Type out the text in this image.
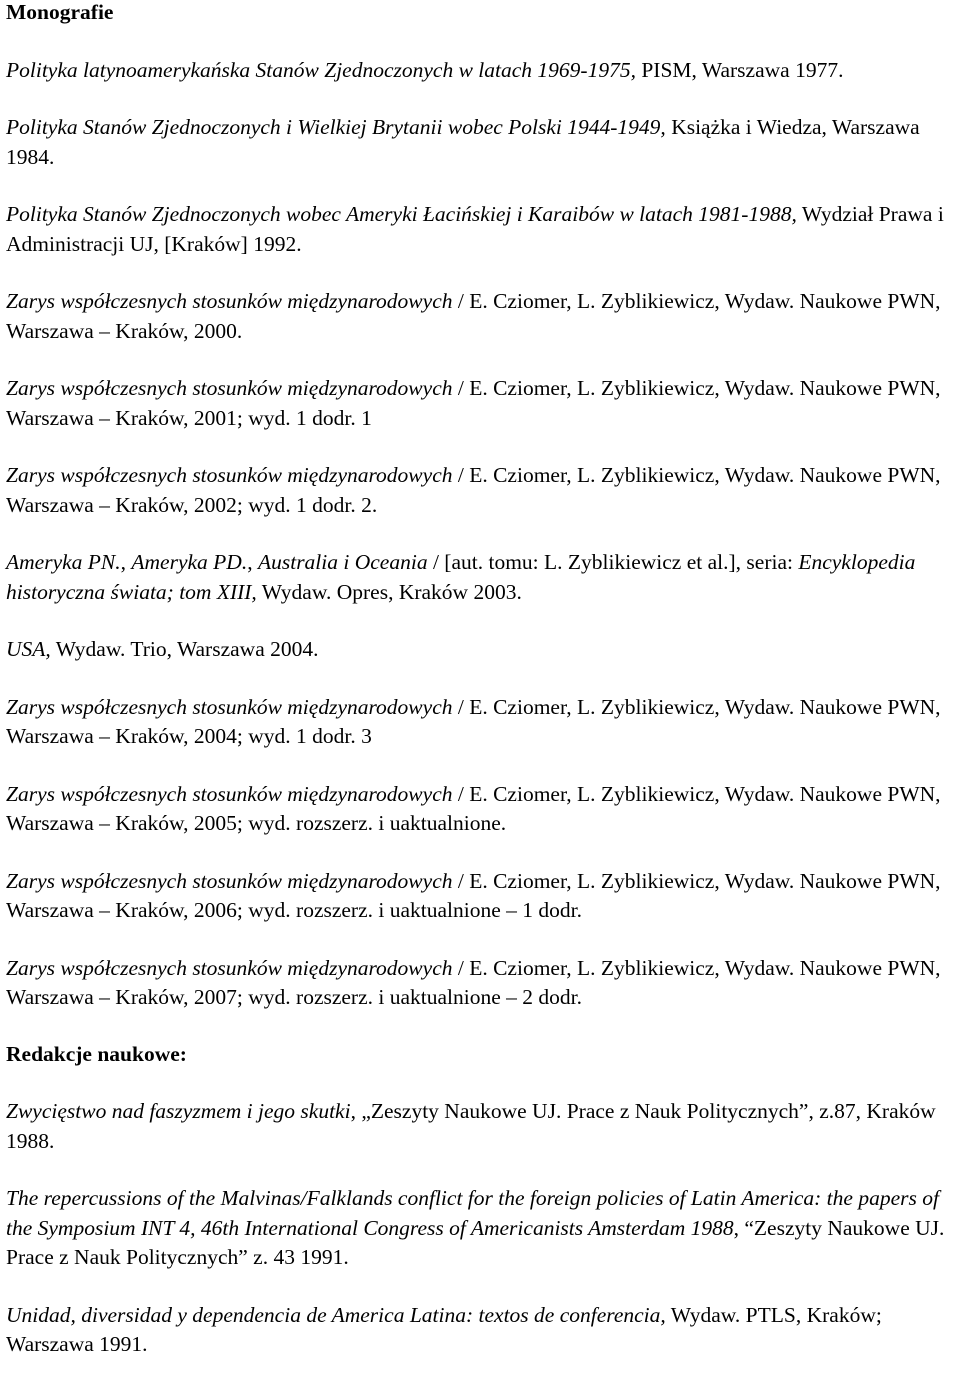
Monografie

Polityka latynoamerykańska Stanów Zjednoczonych w latach 1969-1975, PISM, Warszawa 1977.

Polityka Stanów Zjednoczonych i Wielkiej Brytanii wobec Polski 1944-1949, Książka i Wiedza, Warszawa 1984.

Polityka Stanów Zjednoczonych wobec Ameryki Łacińskiej i Karaibów w latach 1981-1988, Wydział Prawa i Administracji UJ, [Kraków] 1992.

Zarys współczesnych stosunków międzynarodowych / E. Cziomer, L. Zyblikiewicz, Wydaw. Naukowe PWN, Warszawa – Kraków, 2000.

Zarys współczesnych stosunków międzynarodowych / E. Cziomer, L. Zyblikiewicz, Wydaw. Naukowe PWN, Warszawa – Kraków, 2001; wyd. 1 dodr. 1

Zarys współczesnych stosunków międzynarodowych / E. Cziomer, L. Zyblikiewicz, Wydaw. Naukowe PWN, Warszawa – Kraków, 2002; wyd. 1 dodr. 2.

Ameryka PN., Ameryka PD., Australia i Oceania / [aut. tomu: L. Zyblikiewicz et al.], seria: Encyklopedia historyczna świata; tom XIII, Wydaw. Opres, Kraków 2003.

USA, Wydaw. Trio, Warszawa 2004.

Zarys współczesnych stosunków międzynarodowych / E. Cziomer, L. Zyblikiewicz, Wydaw. Naukowe PWN, Warszawa – Kraków, 2004; wyd. 1 dodr. 3

Zarys współczesnych stosunków międzynarodowych / E. Cziomer, L. Zyblikiewicz, Wydaw. Naukowe PWN, Warszawa – Kraków, 2005; wyd. rozszerz. i uaktualnione.

Zarys współczesnych stosunków międzynarodowych / E. Cziomer, L. Zyblikiewicz, Wydaw. Naukowe PWN, Warszawa – Kraków, 2006; wyd. rozszerz. i uaktualnione – 1 dodr.

Zarys współczesnych stosunków międzynarodowych / E. Cziomer, L. Zyblikiewicz, Wydaw. Naukowe PWN, Warszawa – Kraków, 2007; wyd. rozszerz. i uaktualnione – 2 dodr.

Redakcje naukowe:

Zwycięstwo nad faszyzmem i jego skutki, „Zeszyty Naukowe UJ. Prace z Nauk Politycznych”, z.87, Kraków 1988.

The repercussions of the Malvinas/Falklands conflict for the foreign policies of Latin America: the papers of the Symposium INT 4, 46th International Congress of Americanists Amsterdam 1988, “Zeszyty Naukowe UJ. Prace z Nauk Politycznych” z. 43 1991.

Unidad, diversidad y dependencia de America Latina: textos de conferencia, Wydaw. PTLS, Kraków; Warszawa 1991.
